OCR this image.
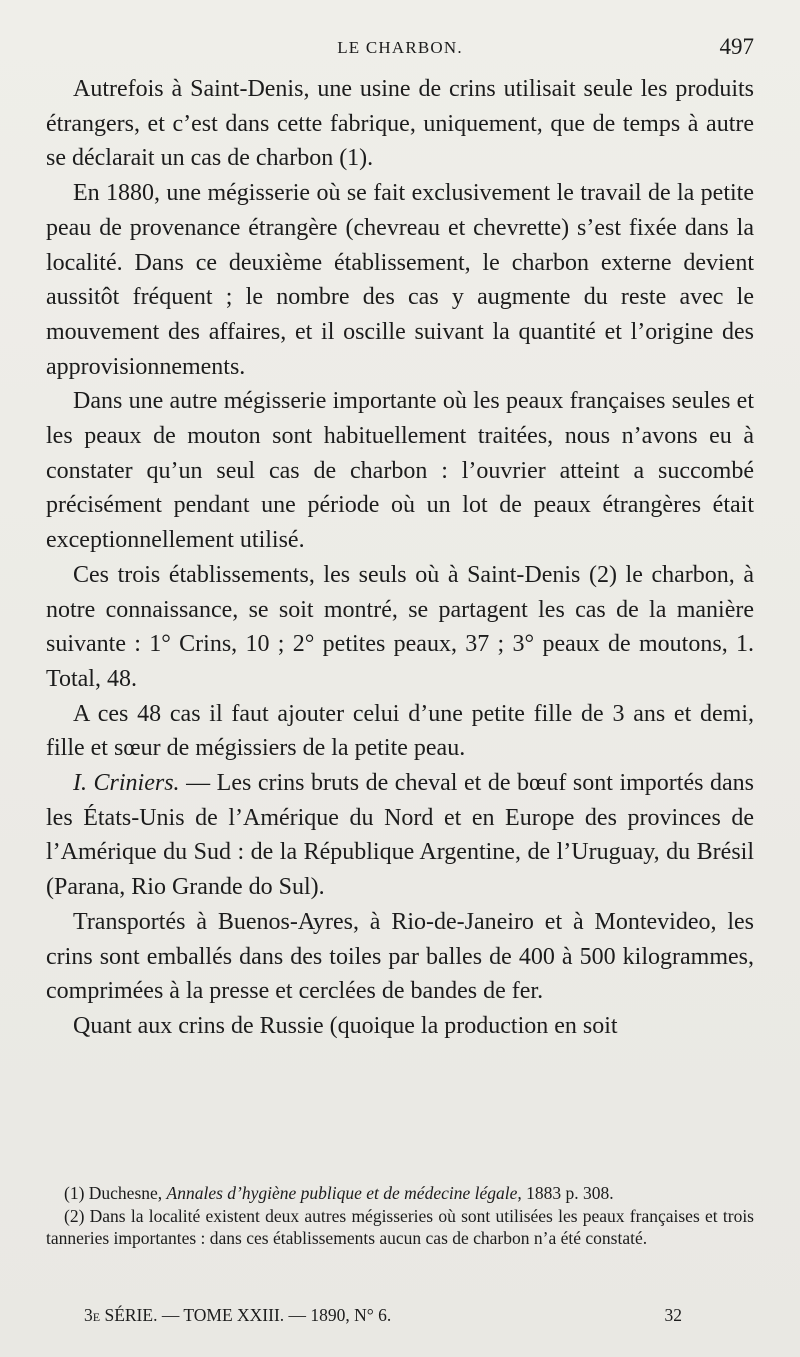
LE CHARBON.	497

Autrefois à Saint-Denis, une usine de crins utilisait seule les produits étrangers, et c’est dans cette fabrique, uniquement, que de temps à autre se déclarait un cas de charbon (1).

En 1880, une mégisserie où se fait exclusivement le travail de la petite peau de provenance étrangère (chevreau et chevrette) s’est fixée dans la localité. Dans ce deuxième établissement, le charbon externe devient aussitôt fréquent ; le nombre des cas y augmente du reste avec le mouvement des affaires, et il oscille suivant la quantité et l’origine des approvisionnements.

Dans une autre mégisserie importante où les peaux françaises seules et les peaux de mouton sont habituellement traitées, nous n’avons eu à constater qu’un seul cas de charbon : l’ouvrier atteint a succombé précisément pendant une période où un lot de peaux étrangères était exceptionnellement utilisé.

Ces trois établissements, les seuls où à Saint-Denis (2) le charbon, à notre connaissance, se soit montré, se partagent les cas de la manière suivante : 1° Crins, 10 ; 2° petites peaux, 37 ; 3° peaux de moutons, 1. Total, 48.

A ces 48 cas il faut ajouter celui d’une petite fille de 3 ans et demi, fille et sœur de mégissiers de la petite peau.

I. Criniers. — Les crins bruts de cheval et de bœuf sont importés dans les États-Unis de l’Amérique du Nord et en Europe des provinces de l’Amérique du Sud : de la République Argentine, de l’Uruguay, du Brésil (Parana, Rio Grande do Sul).

Transportés à Buenos-Ayres, à Rio-de-Janeiro et à Montevideo, les crins sont emballés dans des toiles par balles de 400 à 500 kilogrammes, comprimées à la presse et cerclées de bandes de fer.

Quant aux crins de Russie (quoique la production en soit

(1) Duchesne, Annales d’hygiène publique et de médecine légale, 1883 p. 308.

(2) Dans la localité existent deux autres mégisseries où sont utilisées les peaux françaises et trois tanneries importantes : dans ces établissements aucun cas de charbon n’a été constaté.

3e SÉRIE. — TOME XXIII. — 1890, N° 6.	32
